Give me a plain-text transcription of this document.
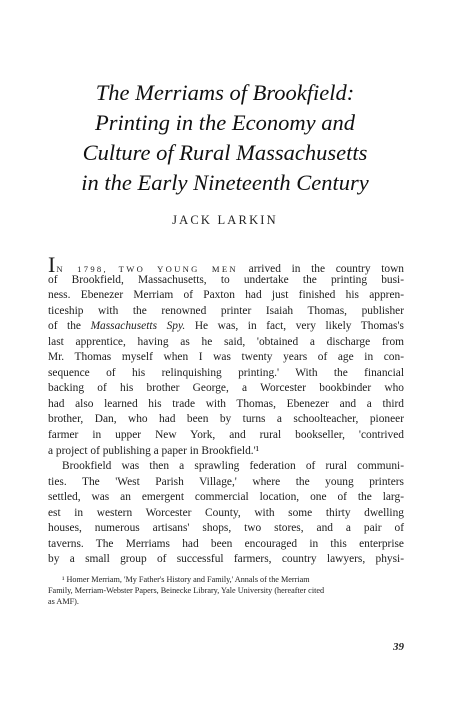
The Merriams of Brookfield:
Printing in the Economy and
Culture of Rural Massachusetts
in the Early Nineteenth Century
JACK LARKIN
IN 1798, TWO YOUNG MEN arrived in the country town
of Brookfield, Massachusetts, to undertake the printing busi-
ness. Ebenezer Merriam of Paxton had just finished his appren-
ticeship with the renowned printer Isaiah Thomas, publisher
of the Massachusetts Spy. He was, in fact, very likely Thomas's
last apprentice, having as he said, 'obtained a discharge from
Mr. Thomas myself when I was twenty years of age in con-
sequence of his relinquishing printing.' With the financial
backing of his brother George, a Worcester bookbinder who
had also learned his trade with Thomas, Ebenezer and a third
brother, Dan, who had been by turns a schoolteacher, pioneer
farmer in upper New York, and rural bookseller, 'contrived
a project of publishing a paper in Brookfield.'¹
Brookfield was then a sprawling federation of rural communi-
ties. The 'West Parish Village,' where the young printers
settled, was an emergent commercial location, one of the larg-
est in western Worcester County, with some thirty dwelling
houses, numerous artisans' shops, two stores, and a pair of
taverns. The Merriams had been encouraged in this enterprise
by a small group of successful farmers, country lawyers, physi-
¹ Homer Merriam, 'My Father's History and Family,' Annals of the Merriam
Family, Merriam-Webster Papers, Beinecke Library, Yale University (hereafter cited
as AMF).
39
